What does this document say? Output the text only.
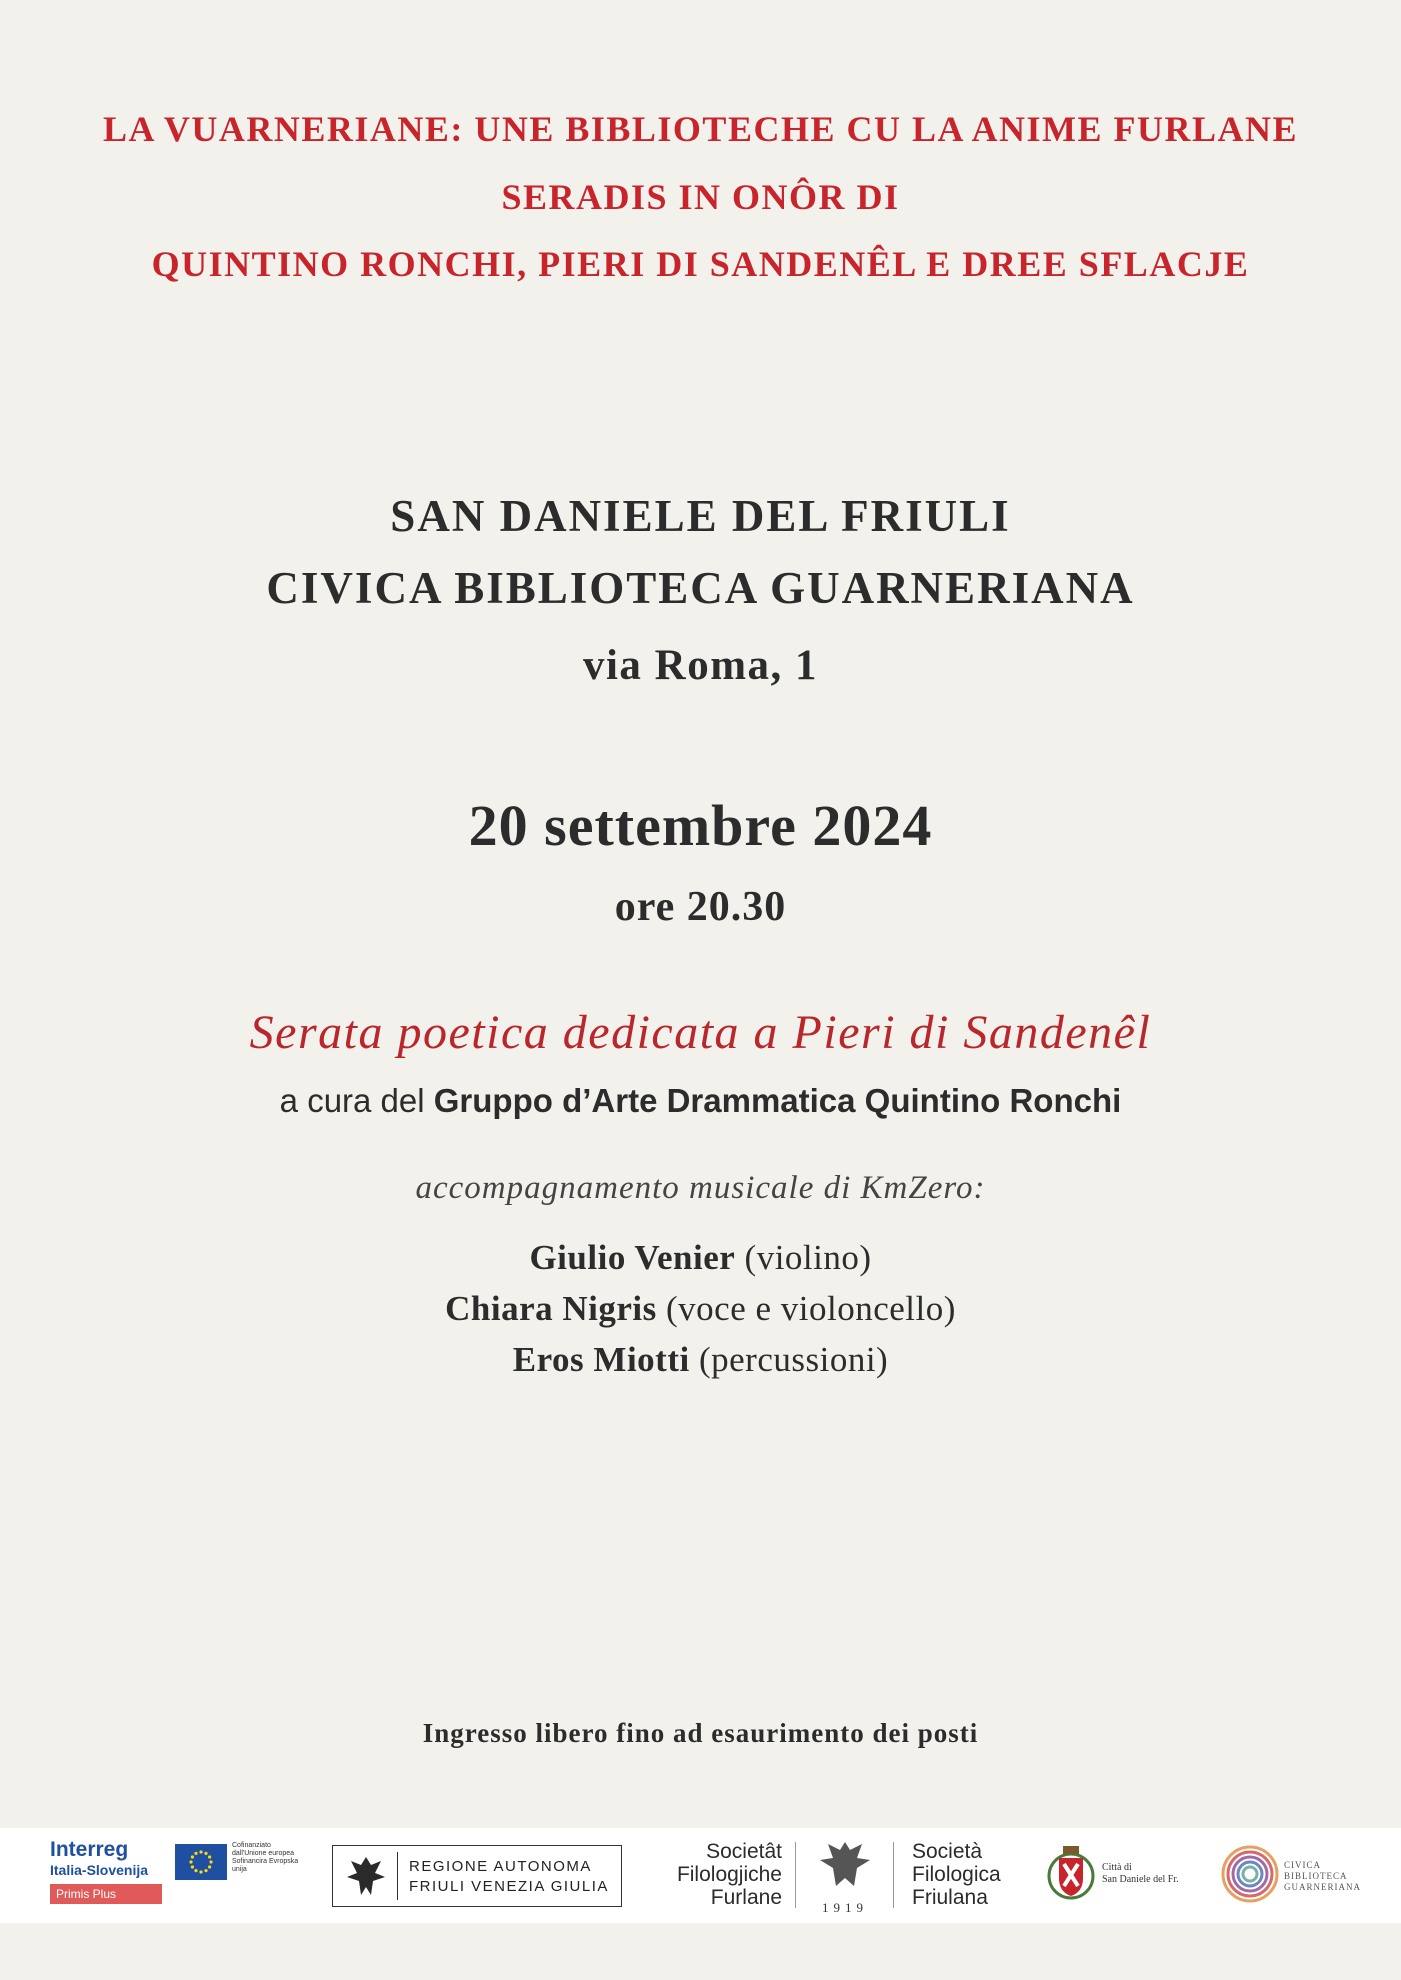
LA VUARNERIANE: UNE BIBLIOTECHE CU LA ANIME FURLANE
SERADIS IN ONÔR DI
QUINTINO RONCHI, PIERI DI SANDENÊL E DREE SFLACJE
SAN DANIELE DEL FRIULI
CIVICA BIBLIOTECA GUARNERIANA
via Roma, 1
20 settembre 2024
ore 20.30
Serata poetica dedicata a Pieri di Sandenêl
a cura del Gruppo d’Arte Drammatica Quintino Ronchi
accompagnamento musicale di KmZero:
Giulio Venier (violino)
Chiara Nigris (voce e violoncello)
Eros Miotti (percussioni)
Ingresso libero fino ad esaurimento dei posti
Interreg
Italia-Slovenija
Cofinanziato dall'Unione europea Sofinancira Evropska unija
Primis Plus
REGIONE AUTONOMA
FRIULI VENEZIA GIULIA
Societât
Filologjiche
Furlane	1919
Società
Filologica
Friulana
Città di
San Daniele del Fr.
CIVICA
BIBLIOTECA
GUARNERIANA
